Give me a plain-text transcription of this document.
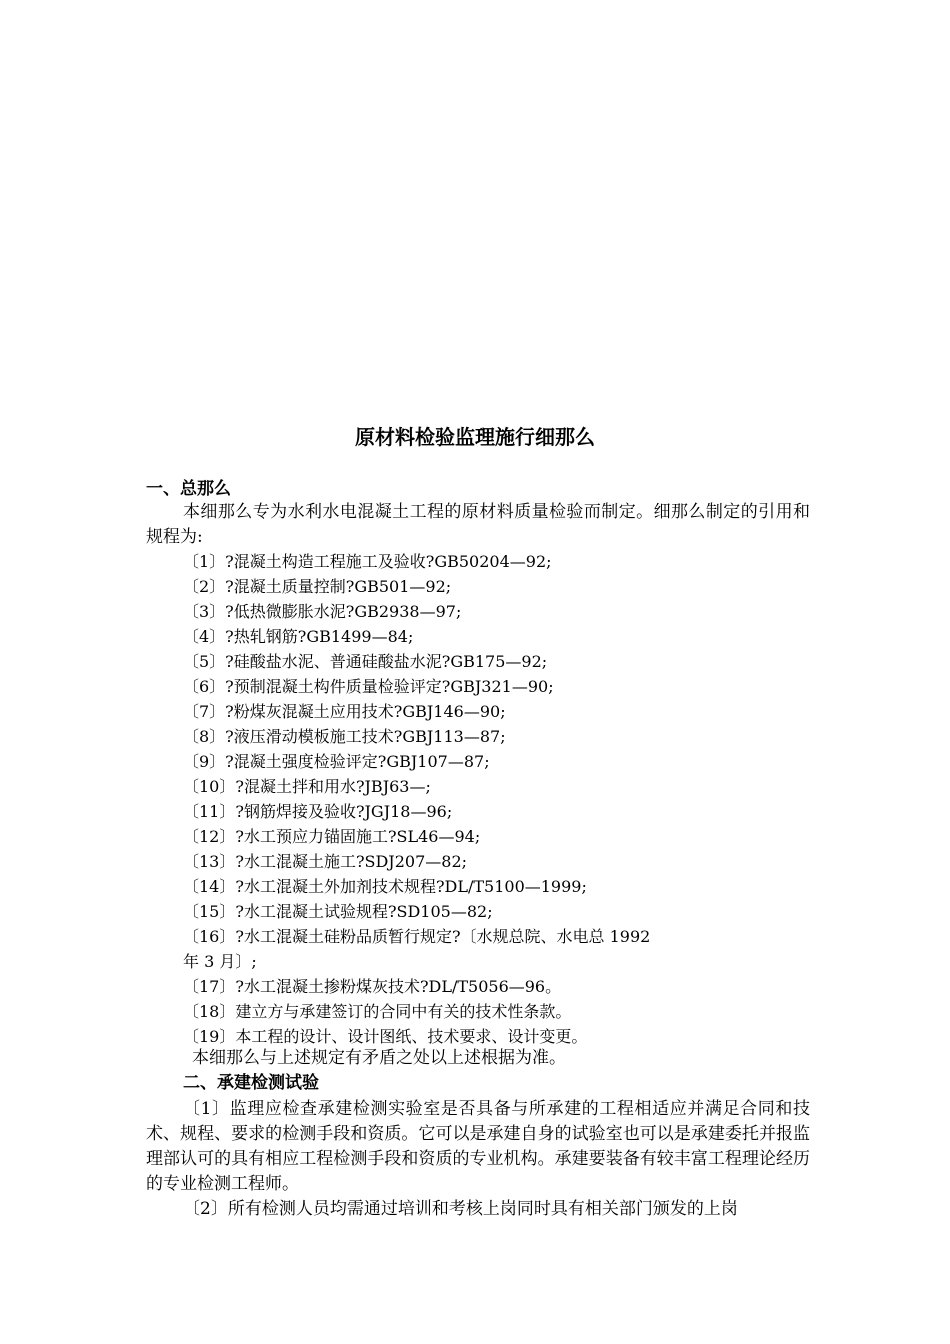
原材料检验监理施行细那么
一、总那么
本细那么专为水利水电混凝土工程的原材料质量检验而制定。细那么制定的引用和规程为:
〔1〕?混凝土构造工程施工及验收?GB50204—92;
〔2〕?混凝土质量控制?GB501—92;
〔3〕?低热微膨胀水泥?GB2938—97;
〔4〕?热轧钢筋?GB1499—84;
〔5〕?硅酸盐水泥、普通硅酸盐水泥?GB175—92;
〔6〕?预制混凝土构件质量检验评定?GBJ321—90;
〔7〕?粉煤灰混凝土应用技术?GBJ146—90;
〔8〕?液压滑动模板施工技术?GBJ113—87;
〔9〕?混凝土强度检验评定?GBJ107—87;
〔10〕?混凝土拌和用水?JBJ63—;
〔11〕?钢筋焊接及验收?JGJ18—96;
〔12〕?水工预应力锚固施工?SL46—94;
〔13〕?水工混凝土施工?SDJ207—82;
〔14〕?水工混凝土外加剂技术规程?DL/T5100—1999;
〔15〕?水工混凝土试验规程?SD105—82;
〔16〕?水工混凝土硅粉品质暂行规定?〔水规总院、水电总 1992
年 3 月〕;
〔17〕?水工混凝土掺粉煤灰技术?DL/T5056—96。
〔18〕建立方与承建签订的合同中有关的技术性条款。
〔19〕本工程的设计、设计图纸、技术要求、设计变更。
本细那么与上述规定有矛盾之处以上述根据为准。
二、承建检测试验
〔1〕监理应检查承建检测实验室是否具备与所承建的工程相适应并满足合同和技术、规程、要求的检测手段和资质。它可以是承建自身的试验室也可以是承建委托并报监理部认可的具有相应工程检测手段和资质的专业机构。承建要装备有较丰富工程理论经历的专业检测工程师。
〔2〕所有检测人员均需通过培训和考核上岗同时具有相关部门颁发的上岗
